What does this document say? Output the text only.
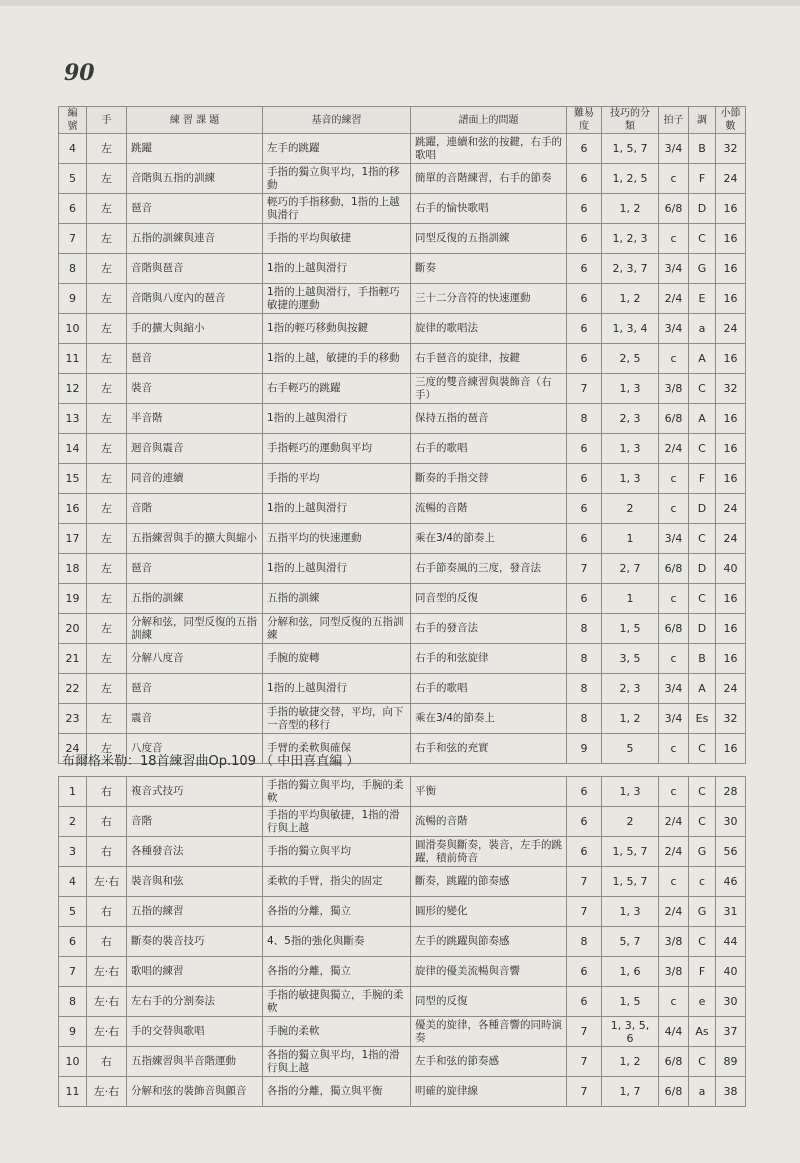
90
編號	手	練 習 課 題	基音的練習	譜面上的問題	難易度	技巧的分類	拍子	調	小節數
4	左	跳躍	左手的跳躍	跳躍，連續和弦的按鍵，右手的歌唱	6	1, 5, 7	3/4	B	32
5	左	音階與五指的訓練	手指的獨立與平均，1指的移動	簡單的音階練習，右手的節奏	6	1, 2, 5	c	F	24
6	左	琶音	輕巧的手指移動，1指的上越與滑行	右手的愉快歌唱	6	1, 2	6/8	D	16
7	左	五指的訓練與連音	手指的平均與敏捷	同型反復的五指訓練	6	1, 2, 3	c	C	16
8	左	音階與琶音	1指的上越與滑行	斷奏	6	2, 3, 7	3/4	G	16
9	左	音階與八度內的琶音	1指的上越與滑行，手指輕巧敏捷的運動	三十二分音符的快速運動	6	1, 2	2/4	E	16
10	左	手的擴大與縮小	1指的輕巧移動與按鍵	旋律的歌唱法	6	1, 3, 4	3/4	a	24
11	左	琶音	1指的上越，敏捷的手的移動	右手琶音的旋律，按鍵	6	2, 5	c	A	16
12	左	裝音	右手輕巧的跳躍	三度的雙音練習與裝飾音（右手）	7	1, 3	3/8	C	32
13	左	半音階	1指的上越與滑行	保持五指的琶音	8	2, 3	6/8	A	16
14	左	迴音與震音	手指輕巧的運動與平均	右手的歌唱	6	1, 3	2/4	C	16
15	左	同音的連續	手指的平均	斷奏的手指交替	6	1, 3	c	F	16
16	左	音階	1指的上越與滑行	流暢的音階	6	2	c	D	24
17	左	五指練習與手的擴大與縮小	五指平均的快速運動	乘在3/4的節奏上	6	1	3/4	C	24
18	左	琶音	1指的上越與滑行	右手節奏風的三度，發音法	7	2, 7	6/8	D	40
19	左	五指的訓練	五指的訓練	同音型的反復	6	1	c	C	16
20	左	分解和弦，同型反復的五指訓練	分解和弦，同型反復的五指訓練	右手的發音法	8	1, 5	6/8	D	16
21	左	分解八度音	手腕的旋轉	右手的和弦旋律	8	3, 5	c	B	16
22	左	琶音	1指的上越與滑行	右手的歌唱	8	2, 3	3/4	A	24
23	左	震音	手指的敏捷交替，平均，向下一音型的移行	乘在3/4的節奏上	8	1, 2	3/4	Es	32
24	左	八度音	手臂的柔軟與確保	右手和弦的充實	9	5	c	C	16
布爾格米勒：18首練習曲Op.109 （ 中田喜直編 ）
1	右	複音式技巧	手指的獨立與平均，手腕的柔軟	平衡	6	1, 3	c	C	28
2	右	音階	手指的平均與敏捷，1指的滑行與上越	流暢的音階	6	2	2/4	C	30
3	右	各種發音法	手指的獨立與平均	圓滑奏與斷奏，裝音，左手的跳躍，積前倚音	6	1, 5, 7	2/4	G	56
4	左·右	裝音與和弦	柔軟的手臂，指尖的固定	斷奏，跳躍的節奏感	7	1, 5, 7	c	c	46
5	右	五指的練習	各指的分離，獨立	圓形的變化	7	1, 3	2/4	G	31
6	右	斷奏的裝音技巧	4、5指的強化與斷奏	左手的跳躍與節奏感	8	5, 7	3/8	C	44
7	左·右	歌唱的練習	各指的分離，獨立	旋律的優美流暢與音響	6	1, 6	3/8	F	40
8	左·右	左右手的分割奏法	手指的敏捷與獨立，手腕的柔軟	同型的反復	6	1, 5	c	e	30
9	左·右	手的交替與歌唱	手腕的柔軟	優美的旋律，各種音響的同時演奏	7	1, 3, 5, 6	4/4	As	37
10	右	五指練習與半音階運動	各指的獨立與平均，1指的滑行與上越	左手和弦的節奏感	7	1, 2	6/8	C	89
11	左·右	分解和弦的裝飾音與顫音	各指的分離，獨立與平衡	明確的旋律線	7	1, 7	6/8	a	38
